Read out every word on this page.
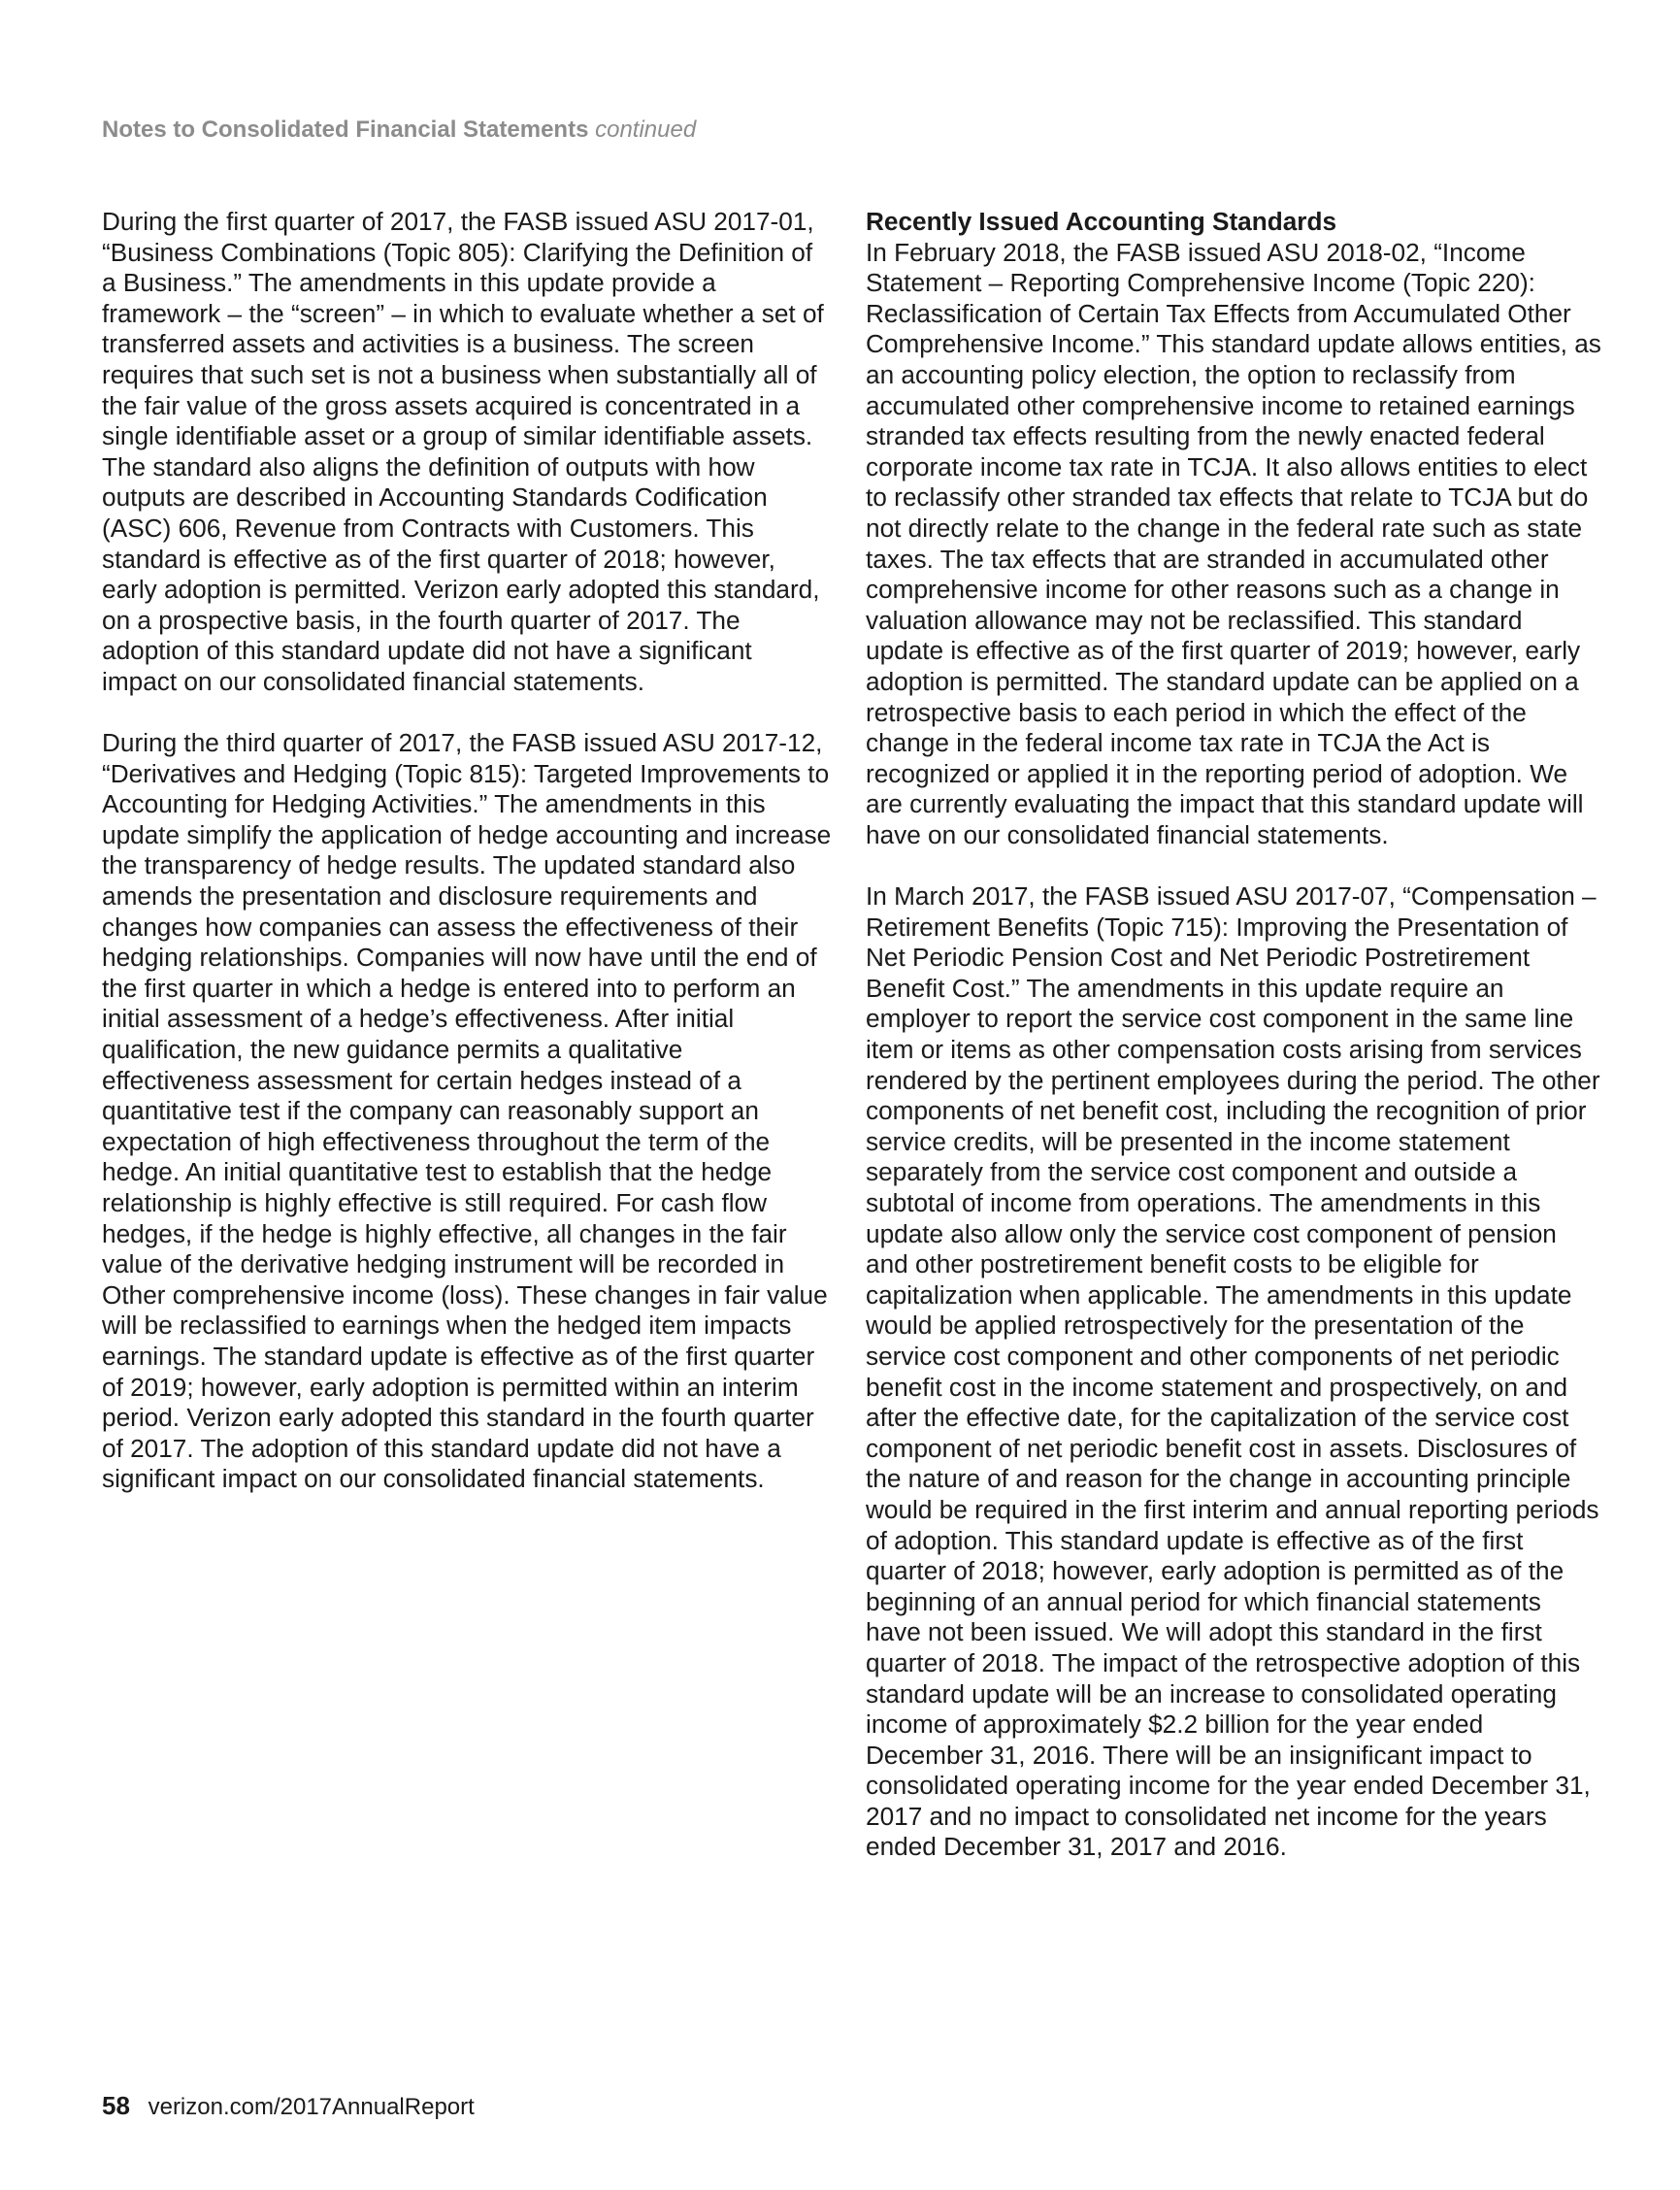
Notes to Consolidated Financial Statements continued

During the first quarter of 2017, the FASB issued ASU 2017-01, “Business Combinations (Topic 805): Clarifying the Definition of a Business.” The amendments in this update provide a framework – the “screen” – in which to evaluate whether a set of transferred assets and activities is a business. The screen requires that such set is not a business when substantially all of the fair value of the gross assets acquired is concentrated in a single identifiable asset or a group of similar identifiable assets. The standard also aligns the definition of outputs with how outputs are described in Accounting Standards Codification (ASC) 606, Revenue from Contracts with Customers. This standard is effective as of the first quarter of 2018; however, early adoption is permitted. Verizon early adopted this standard, on a prospective basis, in the fourth quarter of 2017. The adoption of this standard update did not have a significant impact on our consolidated financial statements.

During the third quarter of 2017, the FASB issued ASU 2017-12, “Derivatives and Hedging (Topic 815): Targeted Improvements to Accounting for Hedging Activities.” The amendments in this update simplify the application of hedge accounting and increase the transparency of hedge results. The updated standard also amends the presentation and disclosure requirements and changes how companies can assess the effectiveness of their hedging relationships. Companies will now have until the end of the first quarter in which a hedge is entered into to perform an initial assessment of a hedge’s effectiveness. After initial qualification, the new guidance permits a qualitative effectiveness assessment for certain hedges instead of a quantitative test if the company can reasonably support an expectation of high effectiveness throughout the term of the hedge. An initial quantitative test to establish that the hedge relationship is highly effective is still required. For cash flow hedges, if the hedge is highly effective, all changes in the fair value of the derivative hedging instrument will be recorded in Other comprehensive income (loss). These changes in fair value will be reclassified to earnings when the hedged item impacts earnings. The standard update is effective as of the first quarter of 2019; however, early adoption is permitted within an interim period. Verizon early adopted this standard in the fourth quarter of 2017. The adoption of this standard update did not have a significant impact on our consolidated financial statements.

Recently Issued Accounting Standards

In February 2018, the FASB issued ASU 2018-02, “Income Statement – Reporting Comprehensive Income (Topic 220): Reclassification of Certain Tax Effects from Accumulated Other Comprehensive Income.” This standard update allows entities, as an accounting policy election, the option to reclassify from accumulated other comprehensive income to retained earnings stranded tax effects resulting from the newly enacted federal corporate income tax rate in TCJA. It also allows entities to elect to reclassify other stranded tax effects that relate to TCJA but do not directly relate to the change in the federal rate such as state taxes. The tax effects that are stranded in accumulated other comprehensive income for other reasons such as a change in valuation allowance may not be reclassified. This standard update is effective as of the first quarter of 2019; however, early adoption is permitted. The standard update can be applied on a retrospective basis to each period in which the effect of the change in the federal income tax rate in TCJA the Act is recognized or applied it in the reporting period of adoption. We are currently evaluating the impact that this standard update will have on our consolidated financial statements.

In March 2017, the FASB issued ASU 2017-07, “Compensation – Retirement Benefits (Topic 715): Improving the Presentation of Net Periodic Pension Cost and Net Periodic Postretirement Benefit Cost.” The amendments in this update require an employer to report the service cost component in the same line item or items as other compensation costs arising from services rendered by the pertinent employees during the period. The other components of net benefit cost, including the recognition of prior service credits, will be presented in the income statement separately from the service cost component and outside a subtotal of income from operations. The amendments in this update also allow only the service cost component of pension and other postretirement benefit costs to be eligible for capitalization when applicable. The amendments in this update would be applied retrospectively for the presentation of the service cost component and other components of net periodic benefit cost in the income statement and prospectively, on and after the effective date, for the capitalization of the service cost component of net periodic benefit cost in assets. Disclosures of the nature of and reason for the change in accounting principle would be required in the first interim and annual reporting periods of adoption. This standard update is effective as of the first quarter of 2018; however, early adoption is permitted as of the beginning of an annual period for which financial statements have not been issued. We will adopt this standard in the first quarter of 2018. The impact of the retrospective adoption of this standard update will be an increase to consolidated operating income of approximately $2.2 billion for the year ended December 31, 2016. There will be an insignificant impact to consolidated operating income for the year ended December 31, 2017 and no impact to consolidated net income for the years ended December 31, 2017 and 2016.

58 verizon.com/2017AnnualReport
